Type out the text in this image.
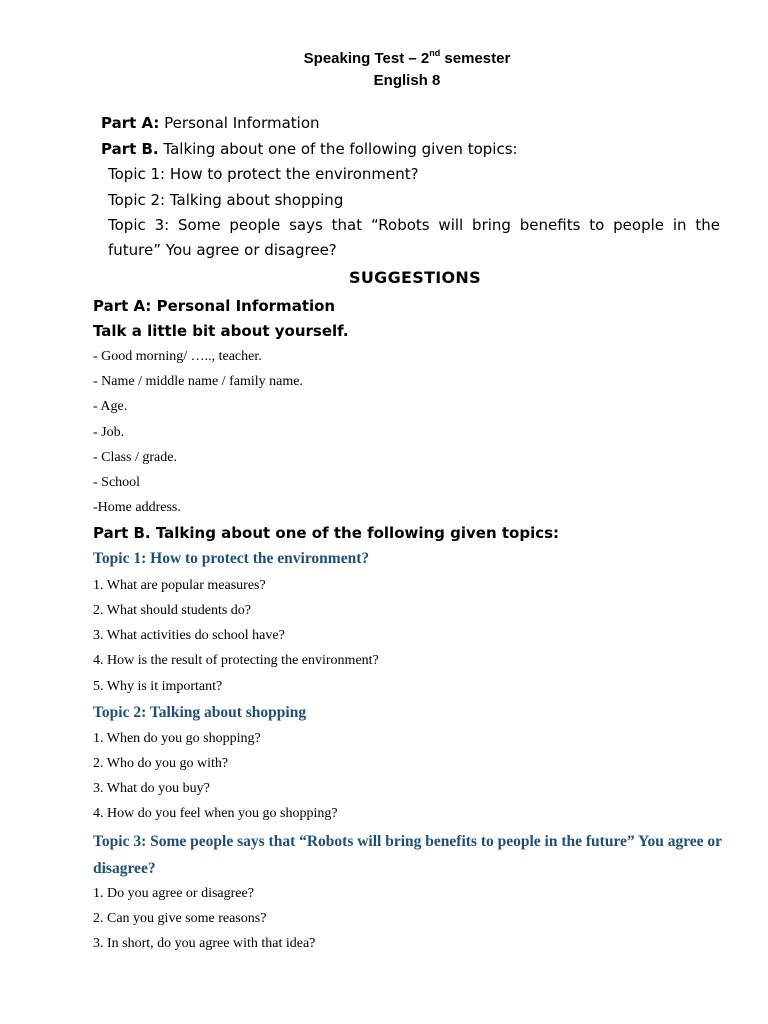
Speaking Test – 2nd semester
English 8
Part A: Personal Information
Part B. Talking about one of the following given topics:
Topic 1: How to protect the environment?
Topic 2: Talking about shopping
Topic 3: Some people says that “Robots will bring benefits to people in the
future” You agree or disagree?
SUGGESTIONS
Part A: Personal Information
Talk a little bit about yourself.
- Good morning/ ….., teacher.
- Name / middle name / family name.
- Age.
- Job.
- Class / grade.
- School
-Home address.
Part B. Talking about one of the following given topics:
Topic 1: How to protect the environment?
1. What are popular measures?
2. What should students do?
3. What activities do school have?
4. How is the result of protecting the environment?
5. Why is it important?
Topic 2: Talking about shopping
1. When do you go shopping?
2. Who do you go with?
3. What do you buy?
4. How do you feel when you go shopping?
Topic 3: Some people says that “Robots will bring benefits to people in the future” You agree or disagree?
1. Do you agree or disagree?
2. Can you give some reasons?
3. In short, do you agree with that idea?
